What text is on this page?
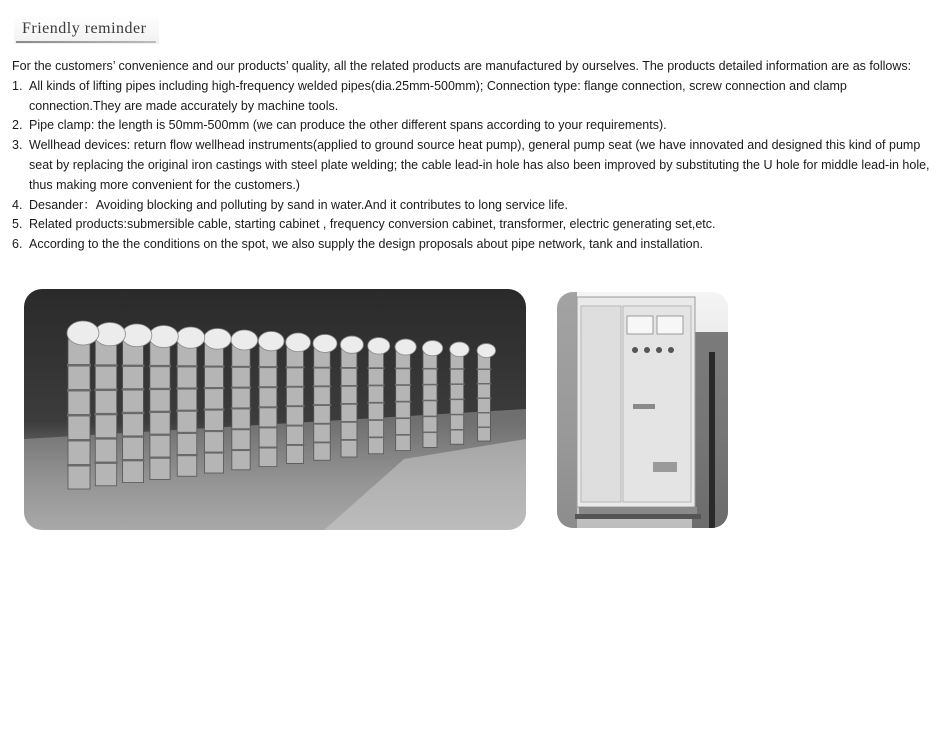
Friendly reminder

For the customers’ convenience and our products’ quality, all the related products are manufactured by ourselves. The products detailed information are as follows:

1. All kinds of lifting pipes including high-frequency welded pipes(dia.25mm-500mm); Connection type: flange connection, screw connection and clamp connection.They are made accurately by machine tools.
2. Pipe clamp: the length is 50mm-500mm (we can produce the other different spans according to your requirements).
3. Wellhead devices: return flow wellhead instruments(applied to ground source heat pump), general pump seat (we have innovated and designed this kind of pump seat by replacing the original iron castings with steel plate welding; the cable lead-in hole has also been improved by substituting the U hole for middle lead-in hole, thus making more convenient for the customers.)
4. Desander：Avoiding blocking and polluting by sand in water.And it contributes to long service life.
5. Related products:submersible cable, starting cabinet , frequency conversion cabinet, transformer, electric generating set,etc.
6. According to the the conditions on the spot, we also supply the design proposals about pipe network, tank and installation.
